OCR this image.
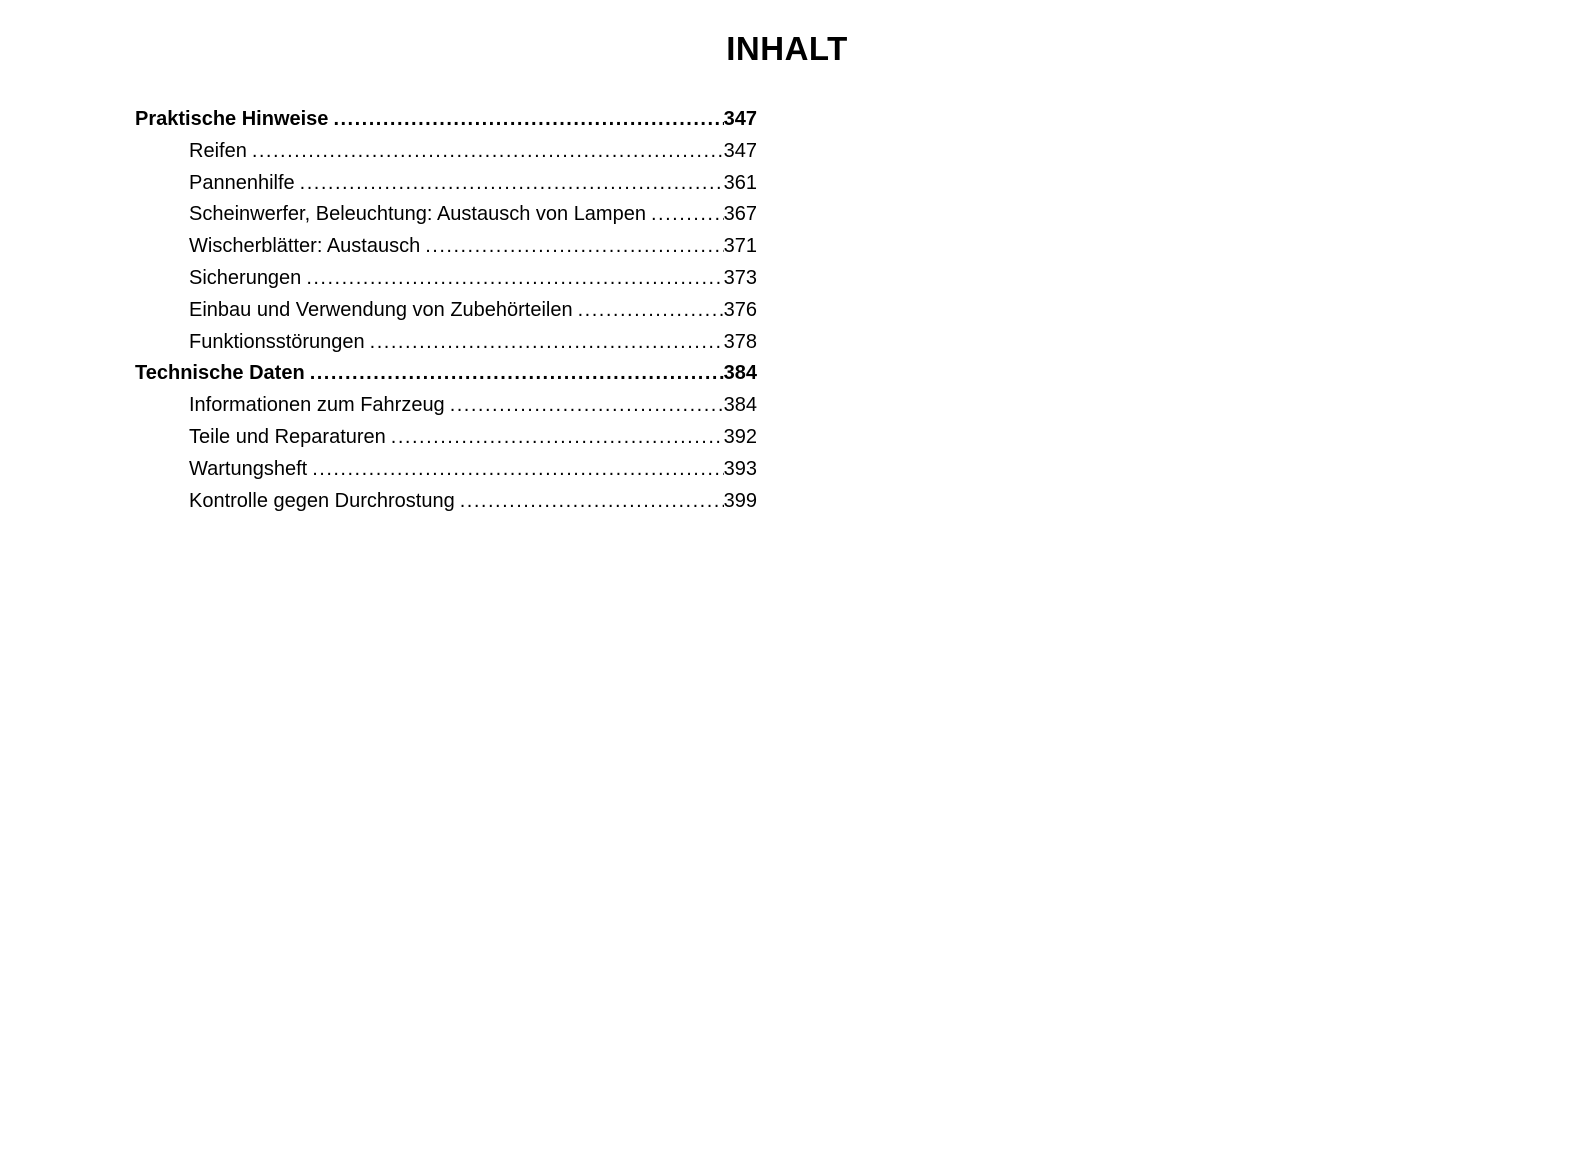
INHALT
Praktische Hinweise .....	347
Reifen .....	347
Pannenhilfe .....	361
Scheinwerfer, Beleuchtung: Austausch von Lampen .....	367
Wischerblätter: Austausch .....	371
Sicherungen .....	373
Einbau und Verwendung von Zubehörteilen .....	376
Funktionsstörungen .....	378
Technische Daten .....	384
Informationen zum Fahrzeug .....	384
Teile und Reparaturen .....	392
Wartungsheft .....	393
Kontrolle gegen Durchrostung .....	399
